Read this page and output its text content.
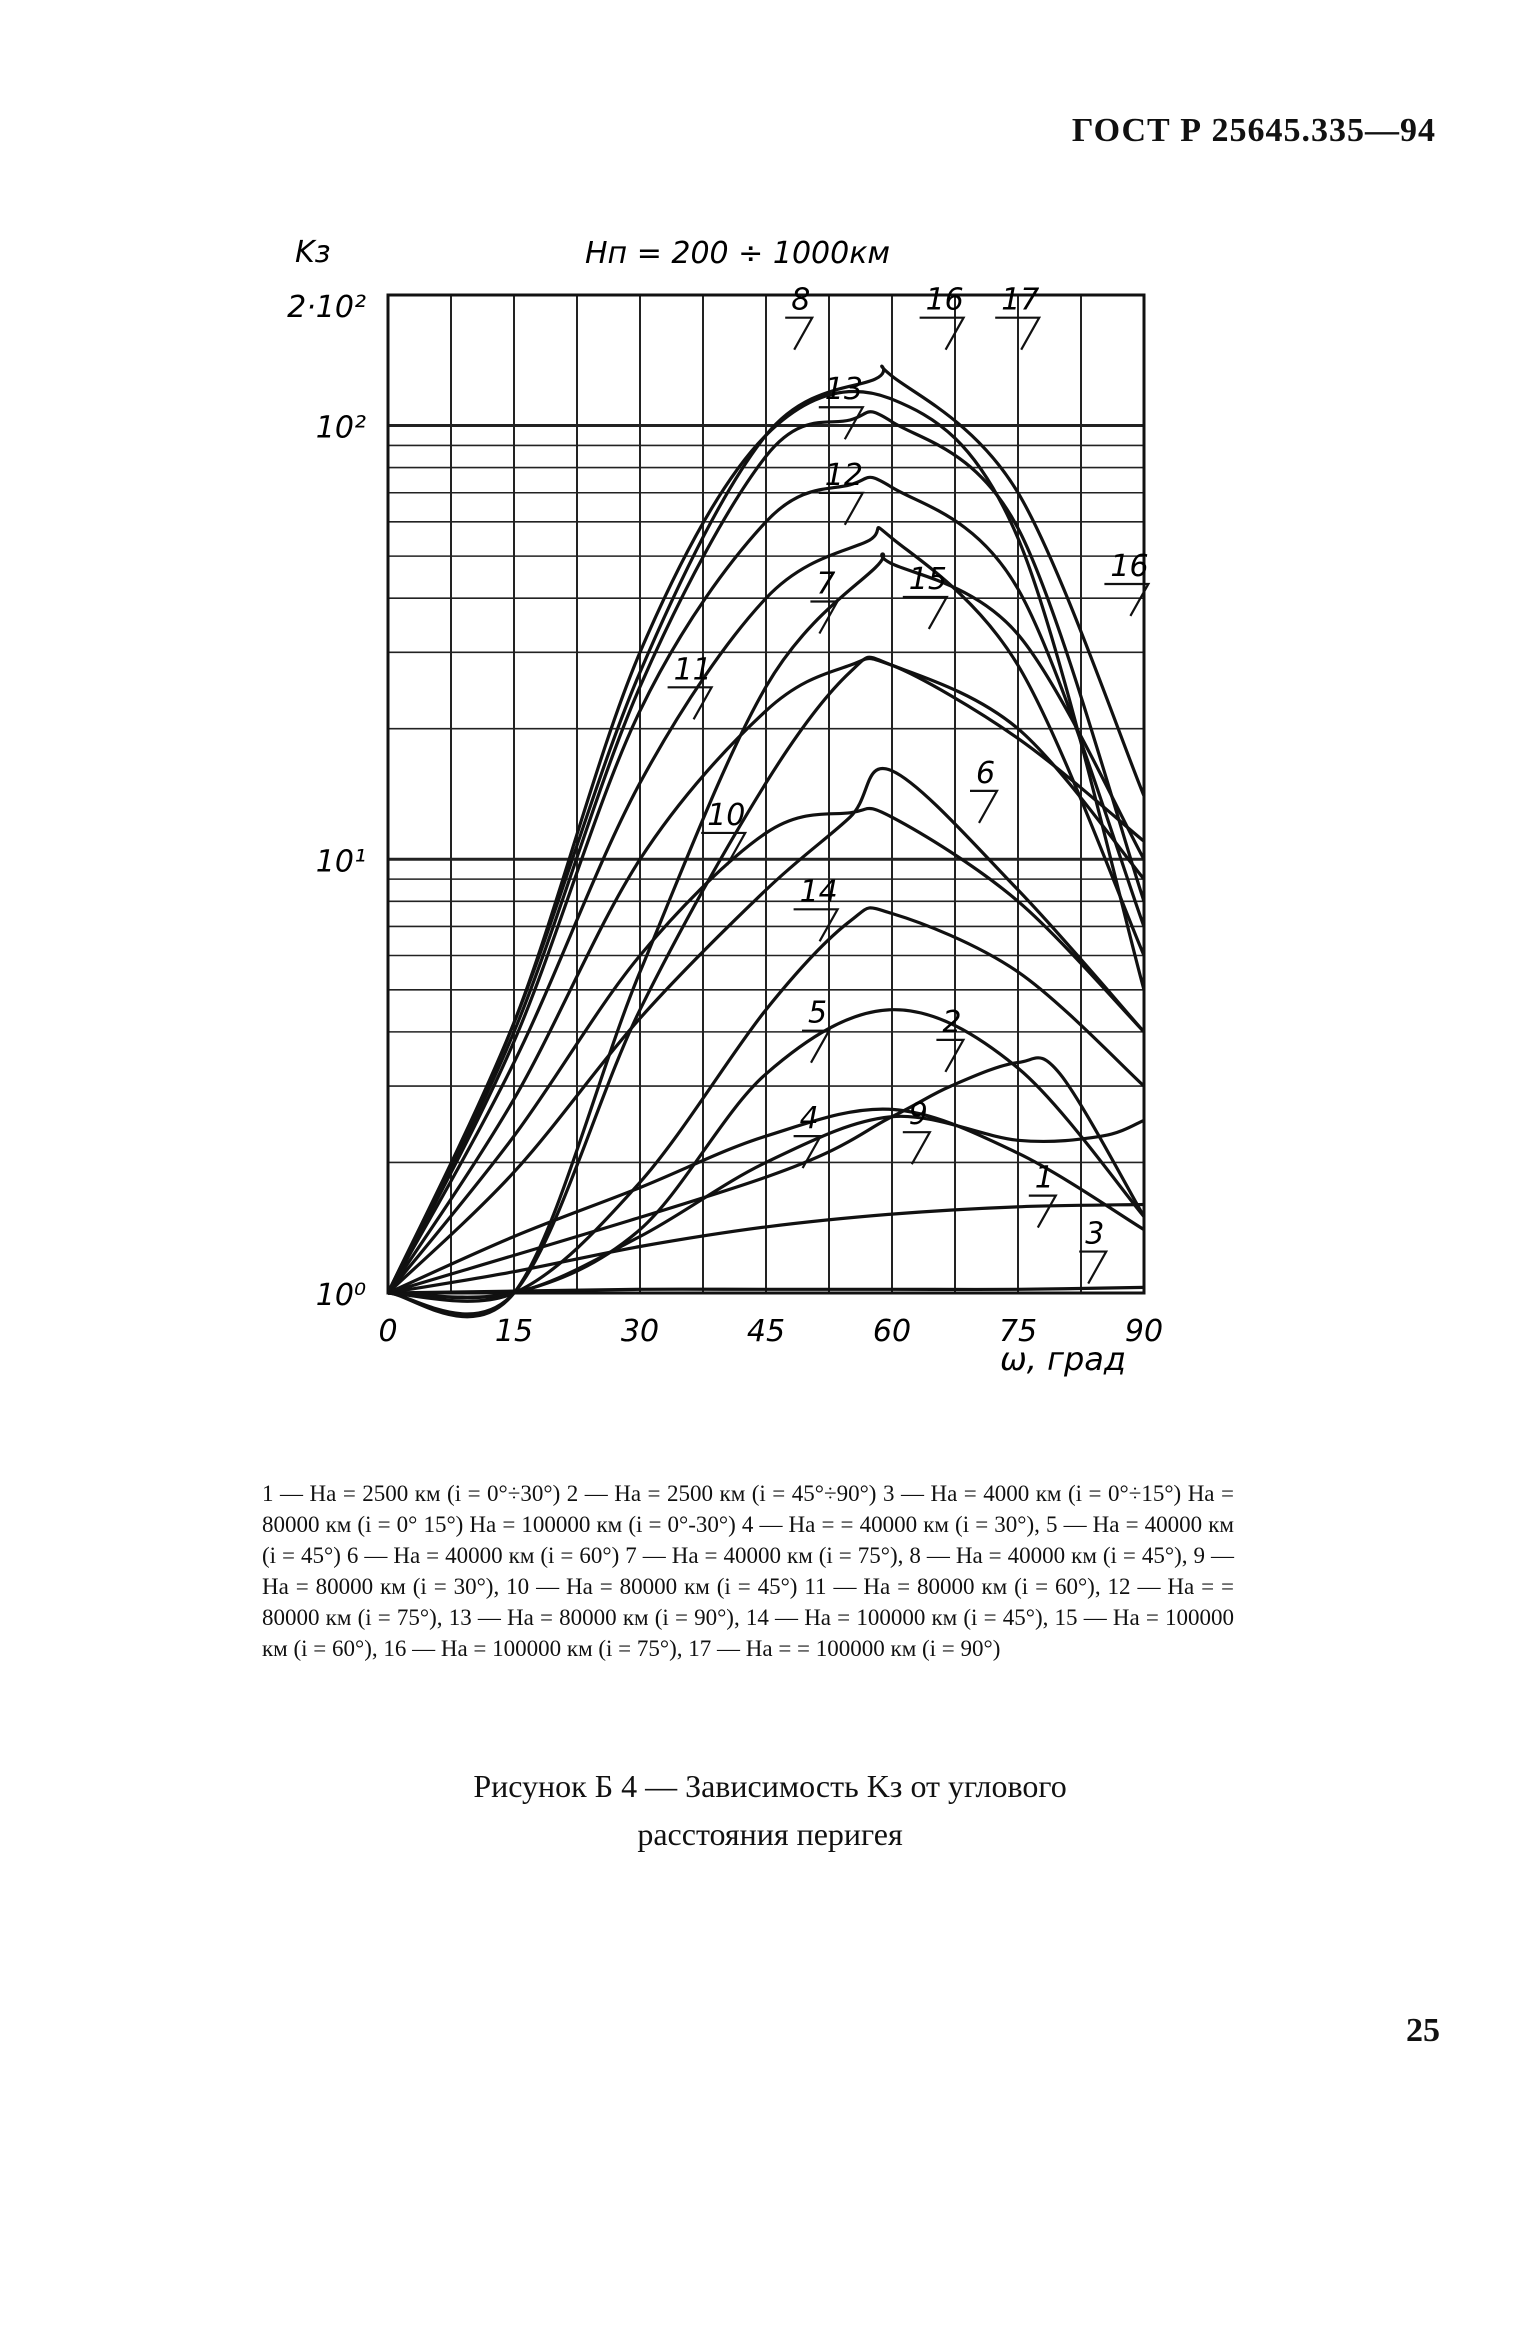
ГОСТ Р 25645.335—94
1
2
3
4
5
6
7
8
9
10
11
12
13
14
15
16
16
17
0	15	30	45	60	75	90
10⁰
10¹
10²
2·10²
Hп = 200 ÷ 1000км
Kз
ω, град
1 — Hа = 2500 км (i = 0°÷30°) 2 — Hа = 2500 км (i = 45°÷90°) 3 — Hа = 4000 км (i = 0°÷15°) Hа = 80000 км (i = 0° 15°) Hа = 100000 км (i = 0°-30°) 4 — Hа = = 40000 км (i = 30°), 5 — Hа = 40000 км (i = 45°) 6 — Hа = 40000 км (i = 60°) 7 — Hа = 40000 км (i = 75°), 8 — Hа = 40000 км (i = 45°), 9 — Hа = 80000 км (i = 30°), 10 — Hа = 80000 км (i = 45°) 11 — Hа = 80000 км (i = 60°), 12 — Hа = = 80000 км (i = 75°), 13 — Hа = 80000 км (i = 90°), 14 — Hа = 100000 км (i = 45°), 15 — Hа = 100000 км (i = 60°), 16 — Hа = 100000 км (i = 75°), 17 — Hа = = 100000 км (i = 90°)
Рисунок Б 4 — Зависимость Kз от углового
расстояния перигея
25
